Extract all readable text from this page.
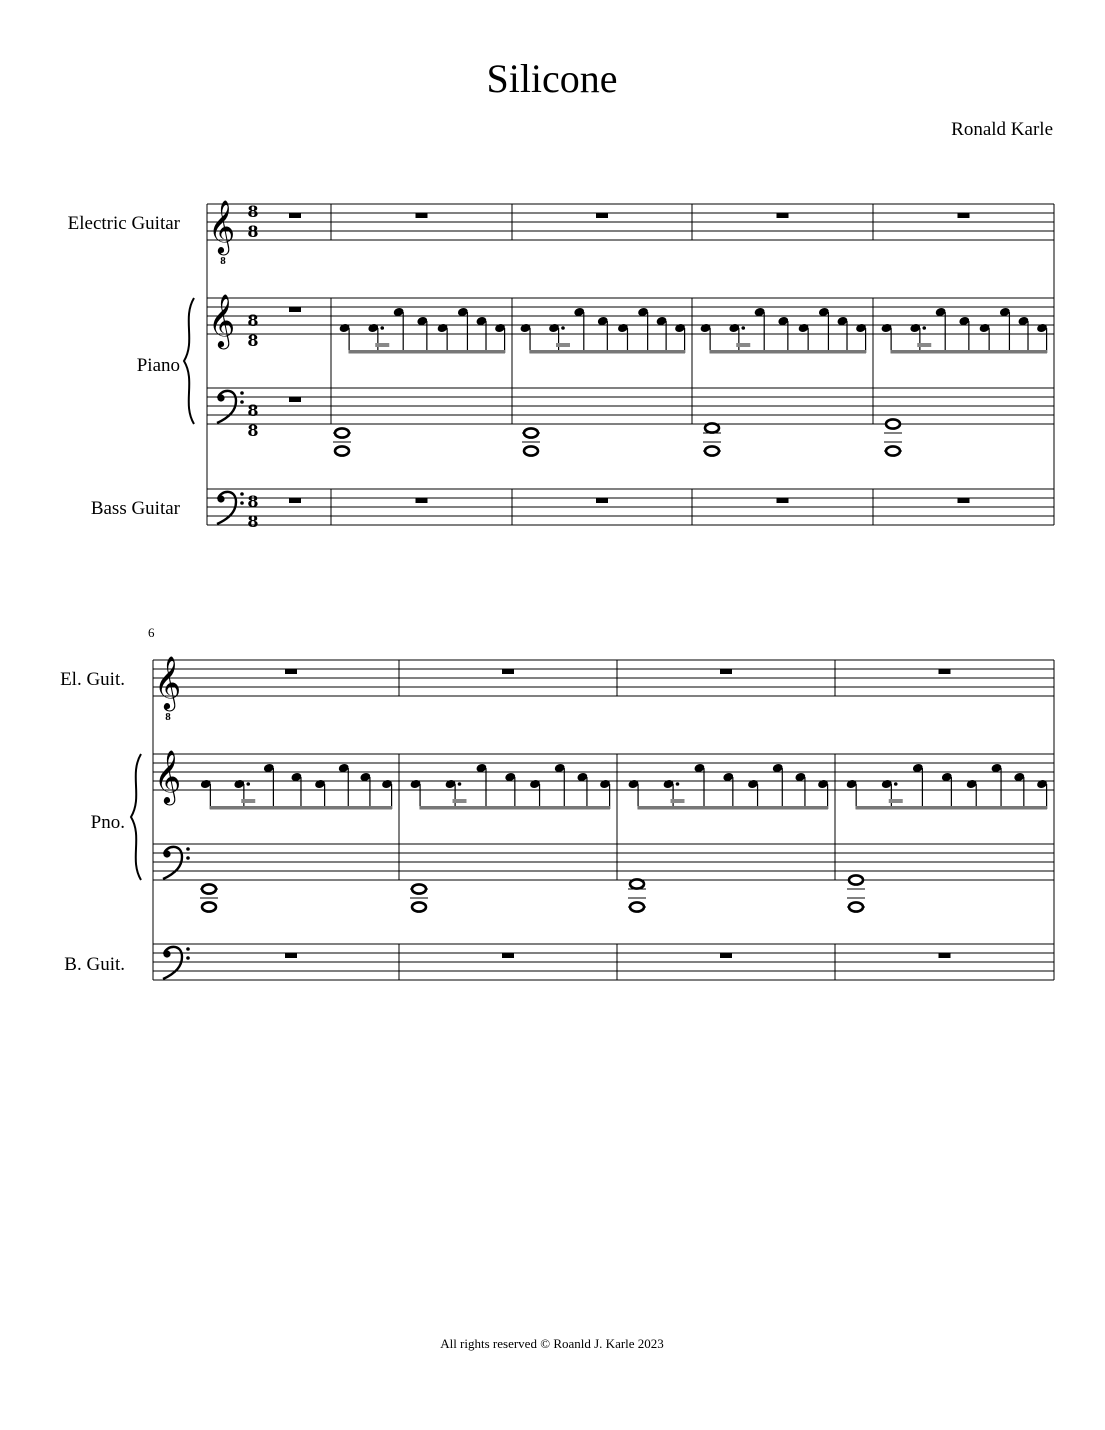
Silicone
Ronald Karle
Electric Guitar
Piano
Bass Guitar
6
El. Guit.
Pno.
B. Guit.
8
8
8
8
8
8
8
8
8
8
𝄞
𝄞
𝄞
𝄞
All rights reserved © Roanld J. Karle 2023
